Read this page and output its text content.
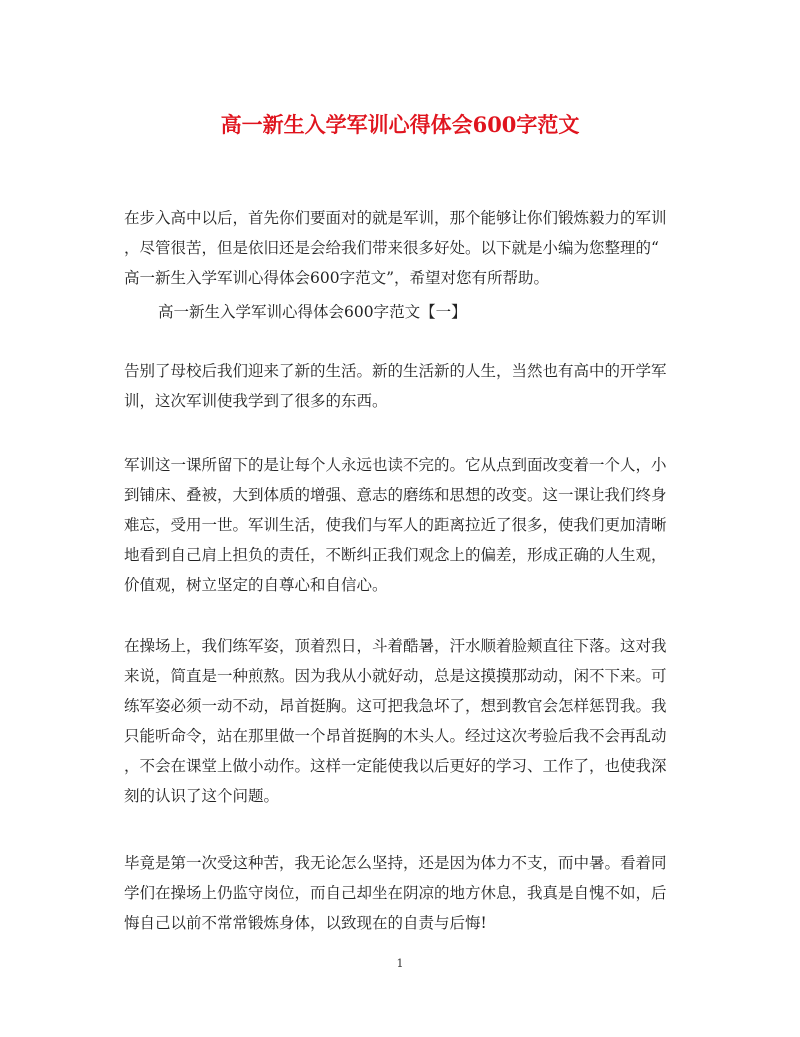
高一新生入学军训心得体会600字范文
在步入高中以后，首先你们要面对的就是军训，那个能够让你们锻炼毅力的军训
，尽管很苦，但是依旧还是会给我们带来很多好处。以下就是小编为您整理的“
高一新生入学军训心得体会600字范文”，希望对您有所帮助。
高一新生入学军训心得体会600字范文【一】
告别了母校后我们迎来了新的生活。新的生活新的人生，当然也有高中的开学军
训，这次军训使我学到了很多的东西。
军训这一课所留下的是让每个人永远也读不完的。它从点到面改变着一个人，小
到铺床、叠被，大到体质的增强、意志的磨练和思想的改变。这一课让我们终身
难忘，受用一世。军训生活，使我们与军人的距离拉近了很多，使我们更加清晰
地看到自己肩上担负的责任，不断纠正我们观念上的偏差，形成正确的人生观，
价值观，树立坚定的自尊心和自信心。
在操场上，我们练军姿，顶着烈日，斗着酷暑，汗水顺着脸颊直往下落。这对我
来说，简直是一种煎熬。因为我从小就好动，总是这摸摸那动动，闲不下来。可
练军姿必须一动不动，昂首挺胸。这可把我急坏了，想到教官会怎样惩罚我。我
只能听命令，站在那里做一个昂首挺胸的木头人。经过这次考验后我不会再乱动
，不会在课堂上做小动作。这样一定能使我以后更好的学习、工作了，也使我深
刻的认识了这个问题。
毕竟是第一次受这种苦，我无论怎么坚持，还是因为体力不支，而中暑。看着同
学们在操场上仍监守岗位，而自己却坐在阴凉的地方休息，我真是自愧不如，后
悔自己以前不常常锻炼身体，以致现在的自责与后悔!
1
